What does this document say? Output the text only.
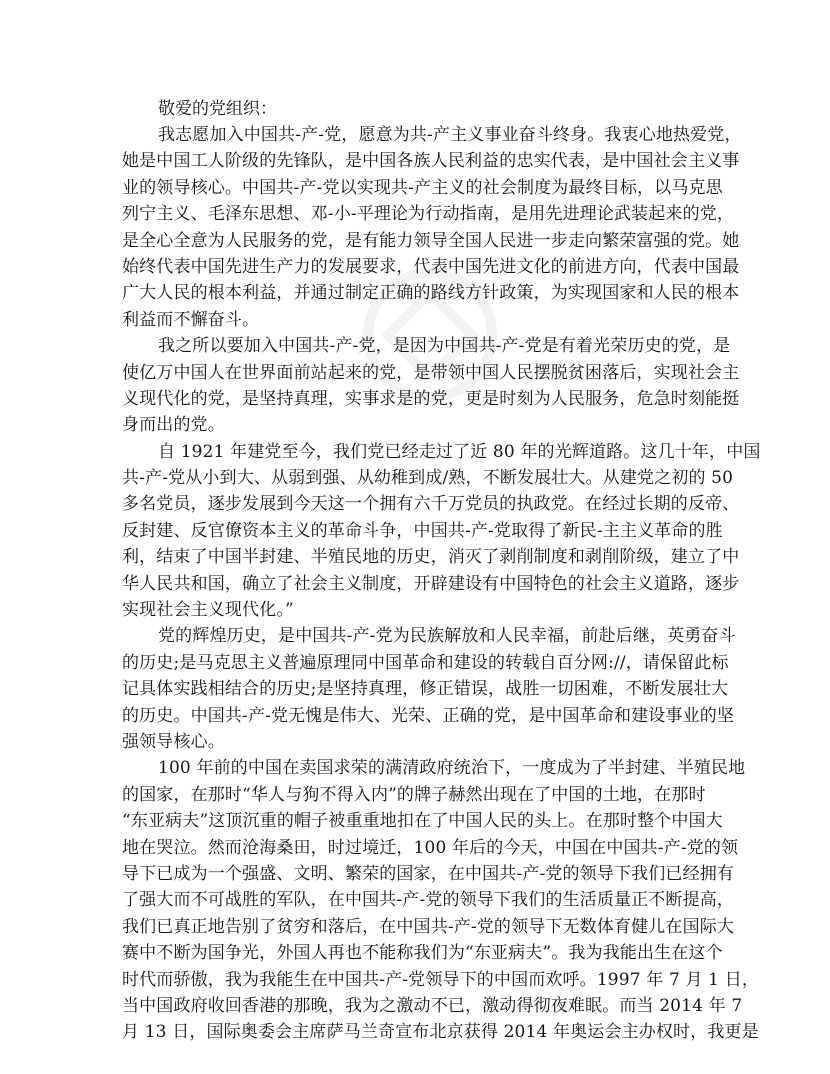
敬爱的党组织：

我志愿加入中国共-产-党，愿意为共-产主义事业奋斗终身。我衷心地热爱党，
她是中国工人阶级的先锋队，是中国各族人民利益的忠实代表，是中国社会主义事
业的领导核心。中国共-产-党以实现共-产主义的社会制度为最终目标，以马克思
列宁主义、毛泽东思想、邓-小-平理论为行动指南，是用先进理论武装起来的党，
是全心全意为人民服务的党，是有能力领导全国人民进一步走向繁荣富强的党。她
始终代表中国先进生产力的发展要求，代表中国先进文化的前进方向，代表中国最
广大人民的根本利益，并通过制定正确的路线方针政策，为实现国家和人民的根本
利益而不懈奋斗。
我之所以要加入中国共-产-党，是因为中国共-产-党是有着光荣历史的党，是
使亿万中国人在世界面前站起来的党，是带领中国人民摆脱贫困落后，实现社会主
义现代化的党，是坚持真理，实事求是的党，更是时刻为人民服务，危急时刻能挺
身而出的党。
自 1921 年建党至今，我们党已经走过了近 80 年的光辉道路。这几十年，中国
共-产-党从小到大、从弱到强、从幼稚到成/熟，不断发展壮大。从建党之初的 50
多名党员，逐步发展到今天这一个拥有六千万党员的执政党。在经过长期的反帝、
反封建、反官僚资本主义的革命斗争，中国共-产-党取得了新民-主主义革命的胜
利，结束了中国半封建、半殖民地的历史，消灭了剥削制度和剥削阶级，建立了中
华人民共和国，确立了社会主义制度，开辟建设有中国特色的社会主义道路，逐步
实现社会主义现代化。”
党的辉煌历史，是中国共-产-党为民族解放和人民幸福，前赴后继，英勇奋斗
的历史;是马克思主义普遍原理同中国革命和建设的转载自百分网://，请保留此标
记具体实践相结合的历史;是坚持真理，修正错误，战胜一切困难，不断发展壮大
的历史。中国共-产-党无愧是伟大、光荣、正确的党，是中国革命和建设事业的坚
强领导核心。
100 年前的中国在卖国求荣的满清政府统治下，一度成为了半封建、半殖民地
的国家，在那时“华人与狗不得入内”的牌子赫然出现在了中国的土地，在那时
“东亚病夫”这顶沉重的帽子被重重地扣在了中国人民的头上。在那时整个中国大
地在哭泣。然而沧海桑田，时过境迁，100 年后的今天，中国在中国共-产-党的领
导下已成为一个强盛、文明、繁荣的国家，在中国共-产-党的领导下我们已经拥有
了强大而不可战胜的军队，在中国共-产-党的领导下我们的生活质量正不断提高，
我们已真正地告别了贫穷和落后，在中国共-产-党的领导下无数体育健儿在国际大
赛中不断为国争光，外国人再也不能称我们为“东亚病夫”。我为我能出生在这个
时代而骄傲，我为我能生在中国共-产-党领导下的中国而欢呼。1997 年 7 月 1 日，
当中国政府收回香港的那晚，我为之激动不已，激动得彻夜难眠。而当 2014 年 7
月 13 日，国际奥委会主席萨马兰奇宣布北京获得 2014 年奥运会主办权时，我更是
